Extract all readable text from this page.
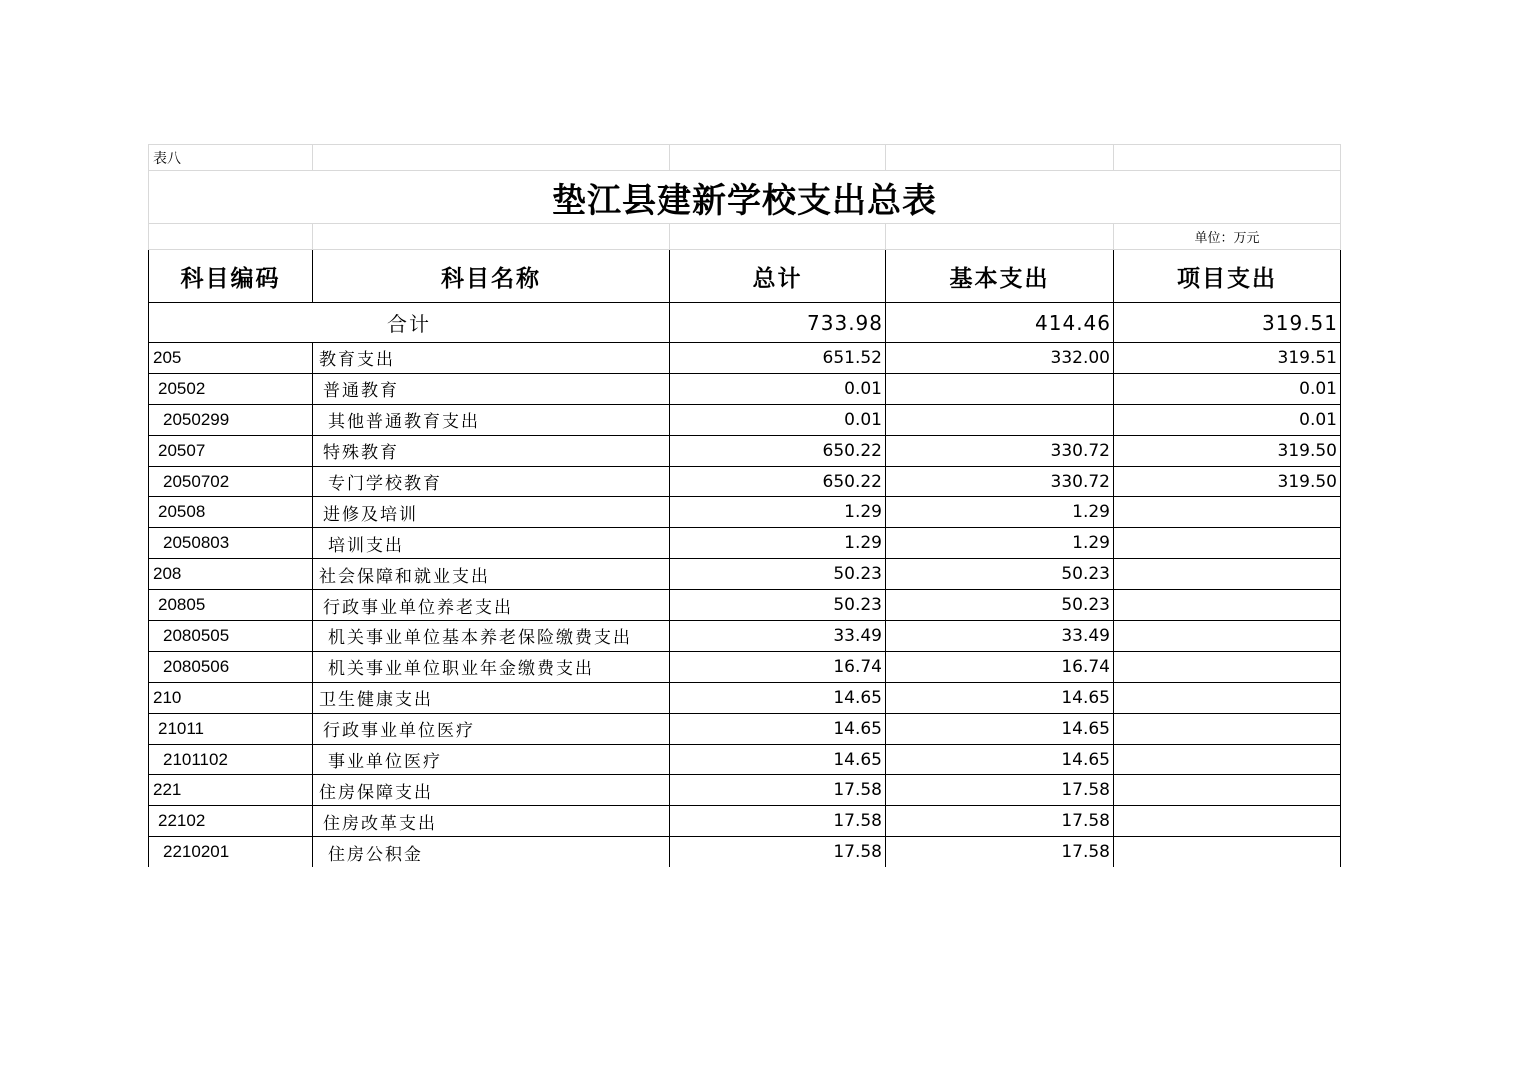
表八				
垫江县建新学校支出总表				
				单位：万元
科目编码	科目名称	总计	基本支出	项目支出
合计		733.98	414.46	319.51
205	教育支出	651.52	332.00	319.51
20502	普通教育	0.01		0.01
2050299	其他普通教育支出	0.01		0.01
20507	特殊教育	650.22	330.72	319.50
2050702	专门学校教育	650.22	330.72	319.50
20508	进修及培训	1.29	1.29	
2050803	培训支出	1.29	1.29	
208	社会保障和就业支出	50.23	50.23	
20805	行政事业单位养老支出	50.23	50.23	
2080505	机关事业单位基本养老保险缴费支出	33.49	33.49	
2080506	机关事业单位职业年金缴费支出	16.74	16.74	
210	卫生健康支出	14.65	14.65	
21011	行政事业单位医疗	14.65	14.65	
2101102	事业单位医疗	14.65	14.65	
221	住房保障支出	17.58	17.58	
22102	住房改革支出	17.58	17.58	
2210201	住房公积金	17.58	17.58	
